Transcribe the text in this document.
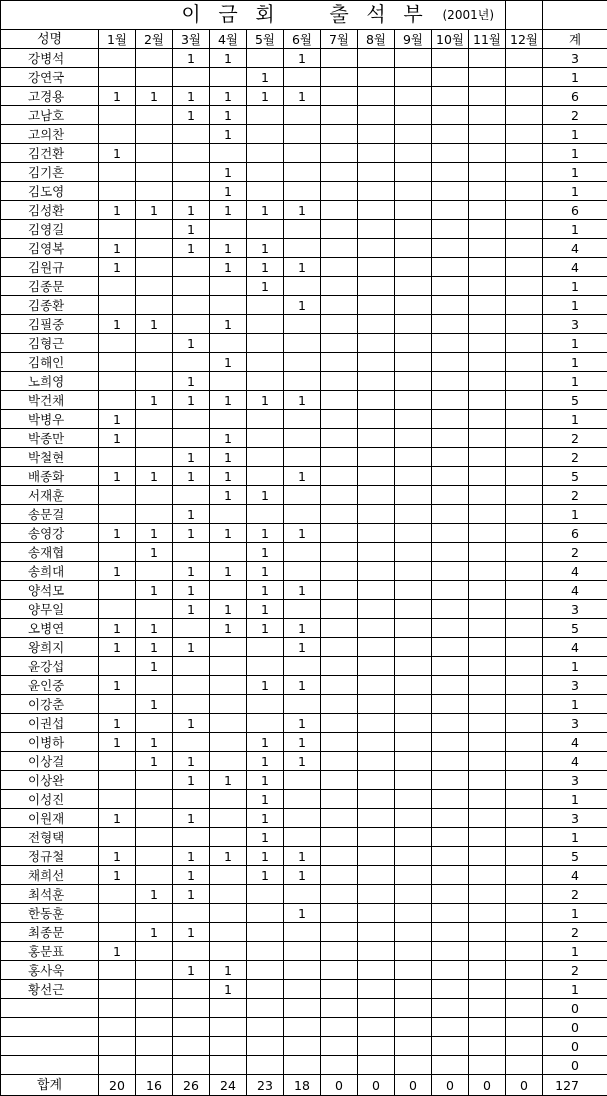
			이	금	회		출	석	부	(2001년)			
성명	1월	2월	3월	4월	5월	6월	7월	8월	9월	10월	11월	12월	계
강병석			1	1		1							3
강연국					1								1
고경용	1	1	1	1	1	1							6
고남호			1	1									2
고의찬				1									1
김건환	1												1
김기흔				1									1
김도영				1									1
김성환	1	1	1	1	1	1							6
김영길			1										1
김영복	1		1	1	1								4
김원규	1			1	1	1							4
김종문					1								1
김종환						1							1
김필중	1	1		1									3
김형근			1										1
김해인				1									1
노희영			1										1
박건채		1	1	1	1	1							5
박병우	1												1
박종만	1			1									2
박철현			1	1									2
배종화	1	1	1	1		1							5
서재훈				1	1								2
송문걸			1										1
송영강	1	1	1	1	1	1							6
송재협		1			1								2
송희대	1		1	1	1								4
양석모		1	1		1	1							4
양무일			1	1	1								3
오병연	1	1		1	1	1							5
왕희지	1	1	1			1							4
윤강섭		1											1
윤인중	1				1	1							3
이강춘		1											1
이권섭	1		1			1							3
이병하	1	1			1	1							4
이상걸		1	1		1	1							4
이상완			1	1	1								3
이성진					1								1
이원재	1		1		1								3
전형택					1								1
정규철	1		1	1	1	1							5
채희선	1		1		1	1							4
최석훈		1	1										2
한동훈						1							1
최종문		1	1										2
홍문표	1												1
홍사욱			1	1									2
황선근				1									1
													0
													0
													0
													0
합계	20	16	26	24	23	18	0	0	0	0	0	0	127
